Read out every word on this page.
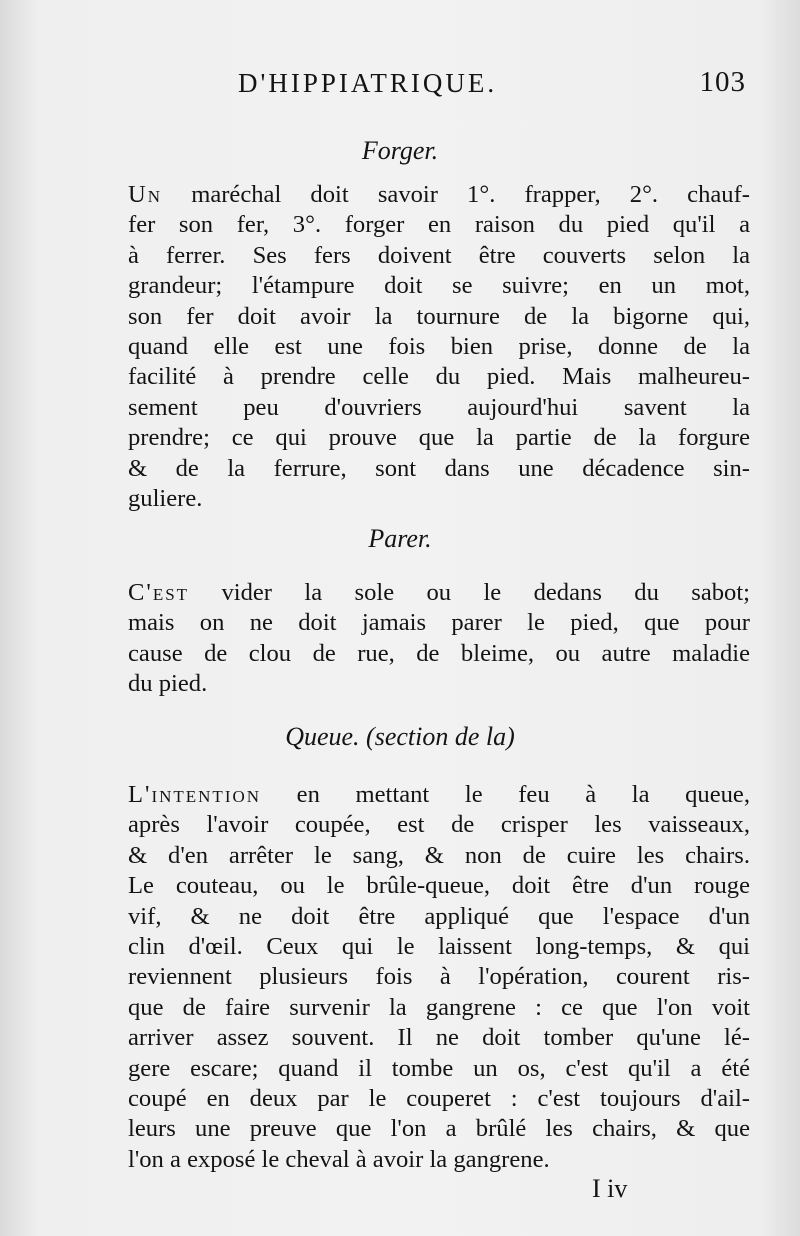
D'HIPPIATRIQUE.	103
Forger.

Un maréchal doit savoir 1°. frapper, 2°. chauf-
fer son fer, 3°. forger en raison du pied qu'il a
à ferrer. Ses fers doivent être couverts selon la
grandeur; l'étampure doit se suivre; en un mot,
son fer doit avoir la tournure de la bigorne qui,
quand elle est une fois bien prise, donne de la
facilité à prendre celle du pied. Mais malheureu-
sement peu d'ouvriers aujourd'hui savent la
prendre; ce qui prouve que la partie de la forgure
& de la ferrure, sont dans une décadence sin-
guliere.

Parer.

C'est vider la sole ou le dedans du sabot;
mais on ne doit jamais parer le pied, que pour
cause de clou de rue, de bleime, ou autre maladie
du pied.

Queue. (section de la)

L'intention en mettant le feu à la queue,
après l'avoir coupée, est de crisper les vaisseaux,
& d'en arrêter le sang, & non de cuire les chairs.
Le couteau, ou le brûle-queue, doit être d'un rouge
vif, & ne doit être appliqué que l'espace d'un
clin d'œil. Ceux qui le laissent long-temps, & qui
reviennent plusieurs fois à l'opération, courent ris-
que de faire survenir la gangrene : ce que l'on voit
arriver assez souvent. Il ne doit tomber qu'une lé-
gere escare; quand il tombe un os, c'est qu'il a été
coupé en deux par le couperet : c'est toujours d'ail-
leurs une preuve que l'on a brûlé les chairs, & que
l'on a exposé le cheval à avoir la gangrene.

I iv
